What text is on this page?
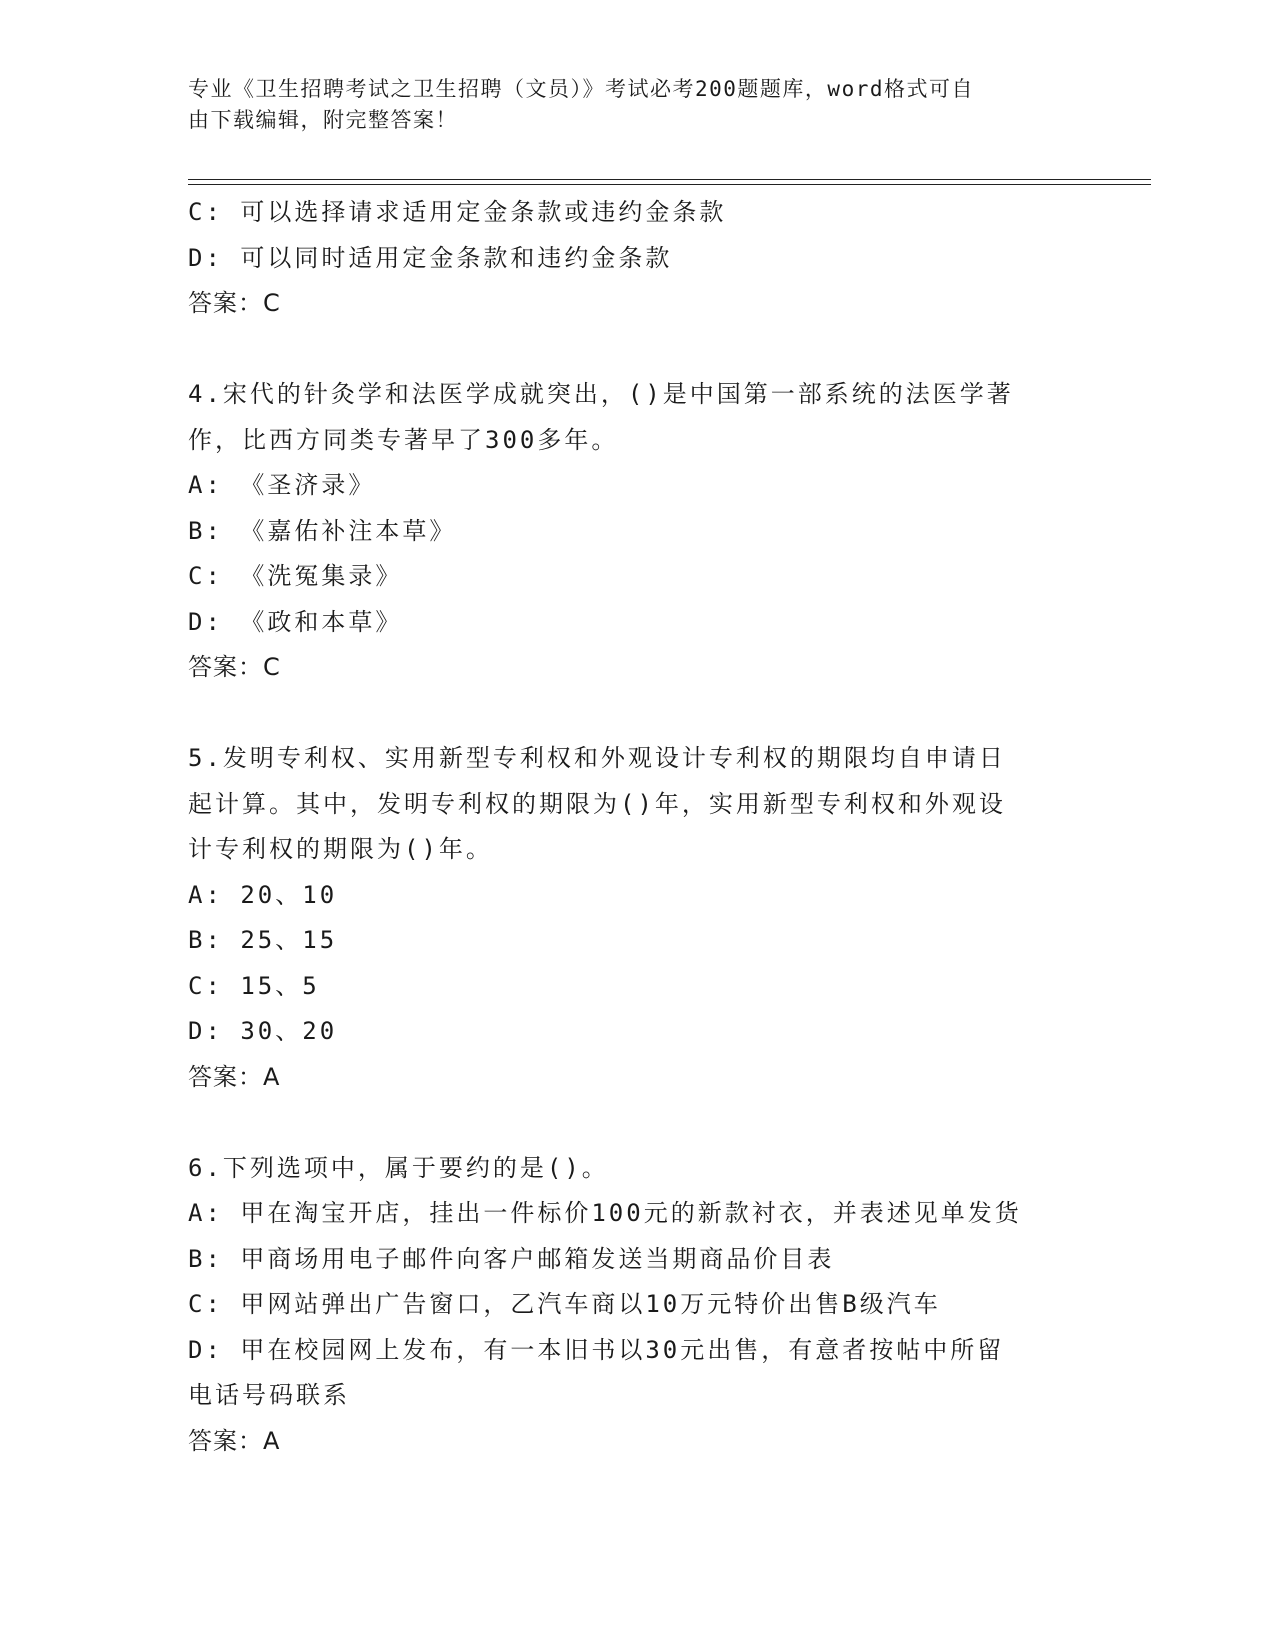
专业《卫生招聘考试之卫生招聘（文员）》考试必考200题题库，word格式可自
由下载编辑，附完整答案！
C: 可以选择请求适用定金条款或违约金条款
D: 可以同时适用定金条款和违约金条款
答案：C
4.宋代的针灸学和法医学成就突出，()是中国第一部系统的法医学著
作，比西方同类专著早了300多年。
A: 《圣济录》
B: 《嘉佑补注本草》
C: 《洗冤集录》
D: 《政和本草》
答案：C
5.发明专利权、实用新型专利权和外观设计专利权的期限均自申请日
起计算。其中，发明专利权的期限为()年，实用新型专利权和外观设
计专利权的期限为()年。
A: 20、10
B: 25、15
C: 15、5
D: 30、20
答案：A
6.下列选项中，属于要约的是()。
A: 甲在淘宝开店，挂出一件标价100元的新款衬衣，并表述见单发货
B: 甲商场用电子邮件向客户邮箱发送当期商品价目表
C: 甲网站弹出广告窗口，乙汽车商以10万元特价出售B级汽车
D: 甲在校园网上发布，有一本旧书以30元出售，有意者按帖中所留
电话号码联系
答案：A
